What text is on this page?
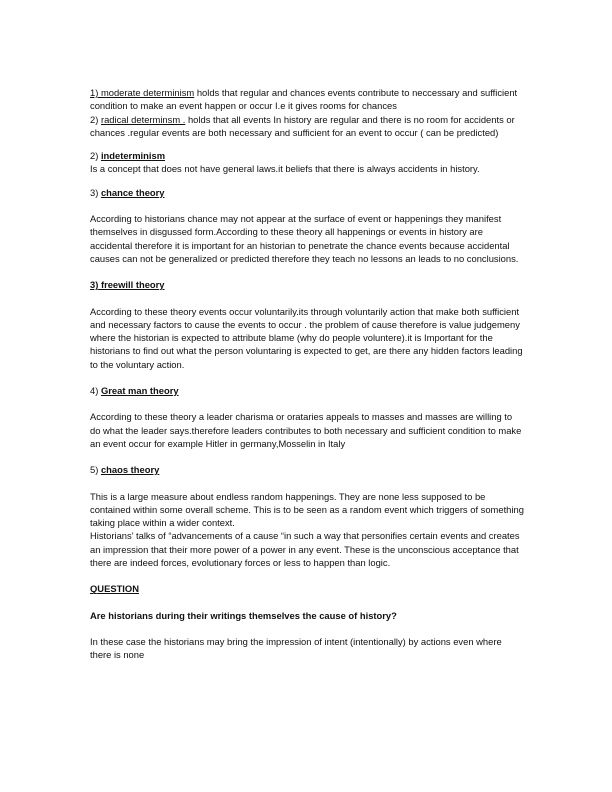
1) moderate determinism holds that regular and chances events contribute to neccessary and sufficient condition to make an event happen or occur I.e it gives rooms for chances

2) radical determinsm . holds that all events In history are regular and there is no room for accidents or chances .regular events are both necessary and sufficient for an event to occur ( can be predicted)

2) indeterminism

Is a concept that does not have general laws.it beliefs that there is always accidents in history.

3) chance theory

According to historians chance may not appear at the surface of event or happenings they manifest themselves in disgussed form.According to these theory all happenings or events in history are accidental therefore it is important for an historian to penetrate the chance events because accidental causes can not be generalized or predicted therefore they teach no lessons an leads to no conclusions.

3) freewill theory

According to these theory events occur voluntarily.its through voluntarily action that make both sufficient and necessary factors to cause the events to occur . the problem of cause therefore is value judgemeny where the historian is expected to attribute blame (why do people voluntere).it is Important for the historians to find out what the person voluntaring is expected to get, are there any hidden factors leading to the voluntary action.

4) Great man theory

According to these theory a leader charisma or orataries appeals to masses and masses are willing to do what the leader says.therefore leaders contributes to both necessary and sufficient condition to make an event occur for example Hitler in germany,Mosselin in Italy

5) chaos theory

This is a large measure about endless random happenings. They are none less supposed to be contained within some overall scheme. This is to be seen as a random event which triggers of something taking place within a wider context.

Historians’ talks of “advancements of a cause “in such a way that personifies certain events and creates an impression that their more power of a power in any event. These is the unconscious acceptance that there are indeed forces, evolutionary forces or less to happen than logic.

QUESTION

Are historians during their writings themselves the cause of history?

In these case the historians may bring the impression of intent (intentionally) by actions even where there is none
